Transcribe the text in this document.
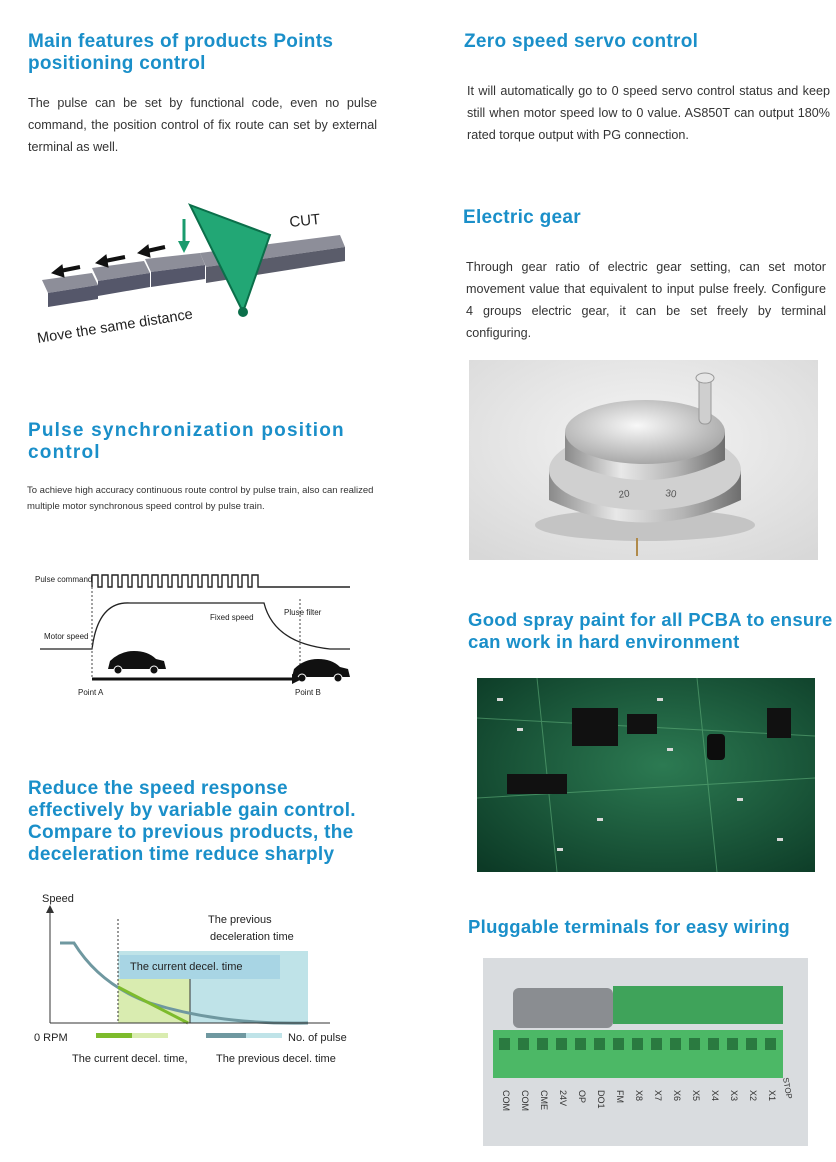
Main features of products Points positioning control
The pulse can be set by functional code, even no pulse command, the position control of fix route can set by external terminal as well.
CUT
Move the same distance
Pulse synchronization position control
To achieve high accuracy continuous route control by pulse train, also can realized multiple motor synchronous speed control by pulse train.
Pulse command
Motor speed
Fixed speed
Pluse filter
Point A	Point B
Reduce the speed response effectively by variable gain control. Compare to previous products, the deceleration time reduce sharply
Speed
The previous
deceleration time
The current decel. time
0 RPM	No. of pulse
The current decel. time,	The previous decel. time
Zero speed servo control
It will automatically go to 0 speed servo control status and keep still when motor speed low to 0 value. AS850T can output 180% rated torque output with PG connection.
Electric gear
Through gear ratio of electric gear setting, can set motor movement value that equivalent to input pulse freely. Configure 4 groups electric gear, it can be set freely by terminal configuring.
20	30
Good spray paint for all PCBA to ensure can work in hard environment
Pluggable terminals for easy wiring
COM COM CME 24V OP DO1 FM X8 X7 X6 X5 X4 X3 X2 X1 STOP
